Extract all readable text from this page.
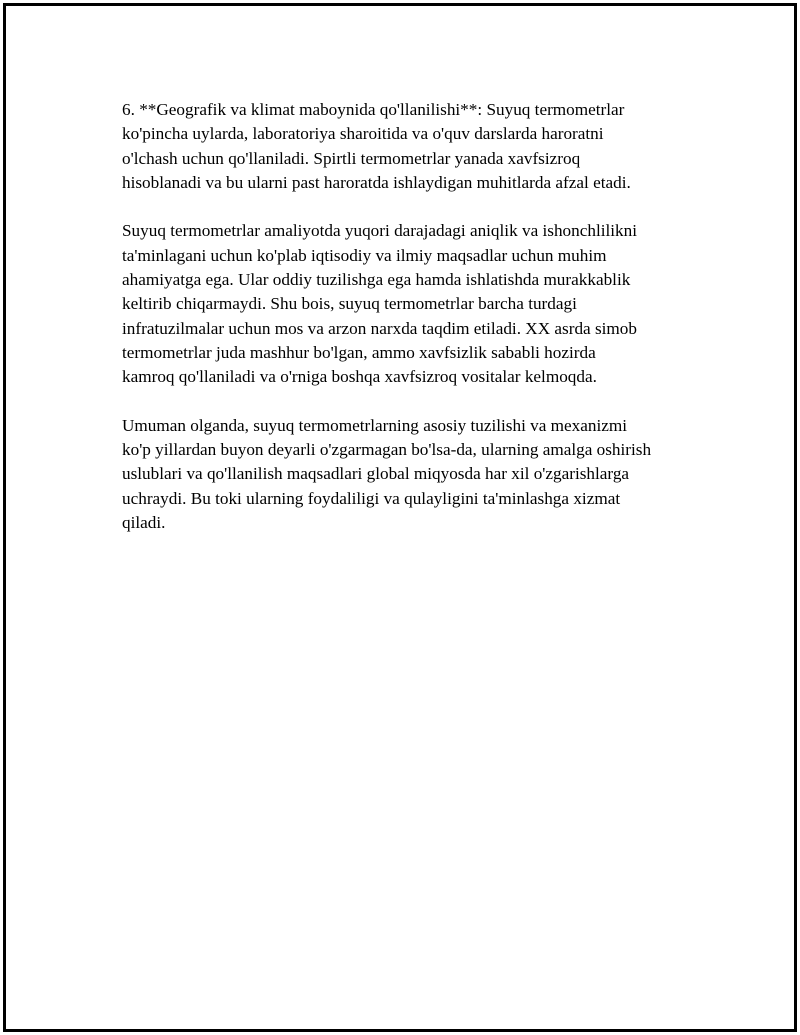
6. **Geografik va klimat maboynida qo'llanilishi**: Suyuq termometrlar
ko'pincha uylarda, laboratoriya sharoitida va o'quv darslarda haroratni
o'lchash uchun qo'llaniladi. Spirtli termometrlar yanada xavfsizroq
hisoblanadi va bu ularni past haroratda ishlaydigan muhitlarda afzal etadi.

Suyuq termometrlar amaliyotda yuqori darajadagi aniqlik va ishonchlilikni
ta'minlagani uchun ko'plab iqtisodiy va ilmiy maqsadlar uchun muhim
ahamiyatga ega. Ular oddiy tuzilishga ega hamda ishlatishda murakkablik
keltirib chiqarmaydi. Shu bois, suyuq termometrlar barcha turdagi
infratuzilmalar uchun mos va arzon narxda taqdim etiladi. XX asrda simob
termometrlar juda mashhur bo'lgan, ammo xavfsizlik sababli hozirda
kamroq qo'llaniladi va o'rniga boshqa xavfsizroq vositalar kelmoqda.

Umuman olganda, suyuq termometrlarning asosiy tuzilishi va mexanizmi
ko'p yillardan buyon deyarli o'zgarmagan bo'lsa-da, ularning amalga oshirish
uslublari va qo'llanilish maqsadlari global miqyosda har xil o'zgarishlarga
uchraydi. Bu toki ularning foydaliligi va qulayligini ta'minlashga xizmat
qiladi.
